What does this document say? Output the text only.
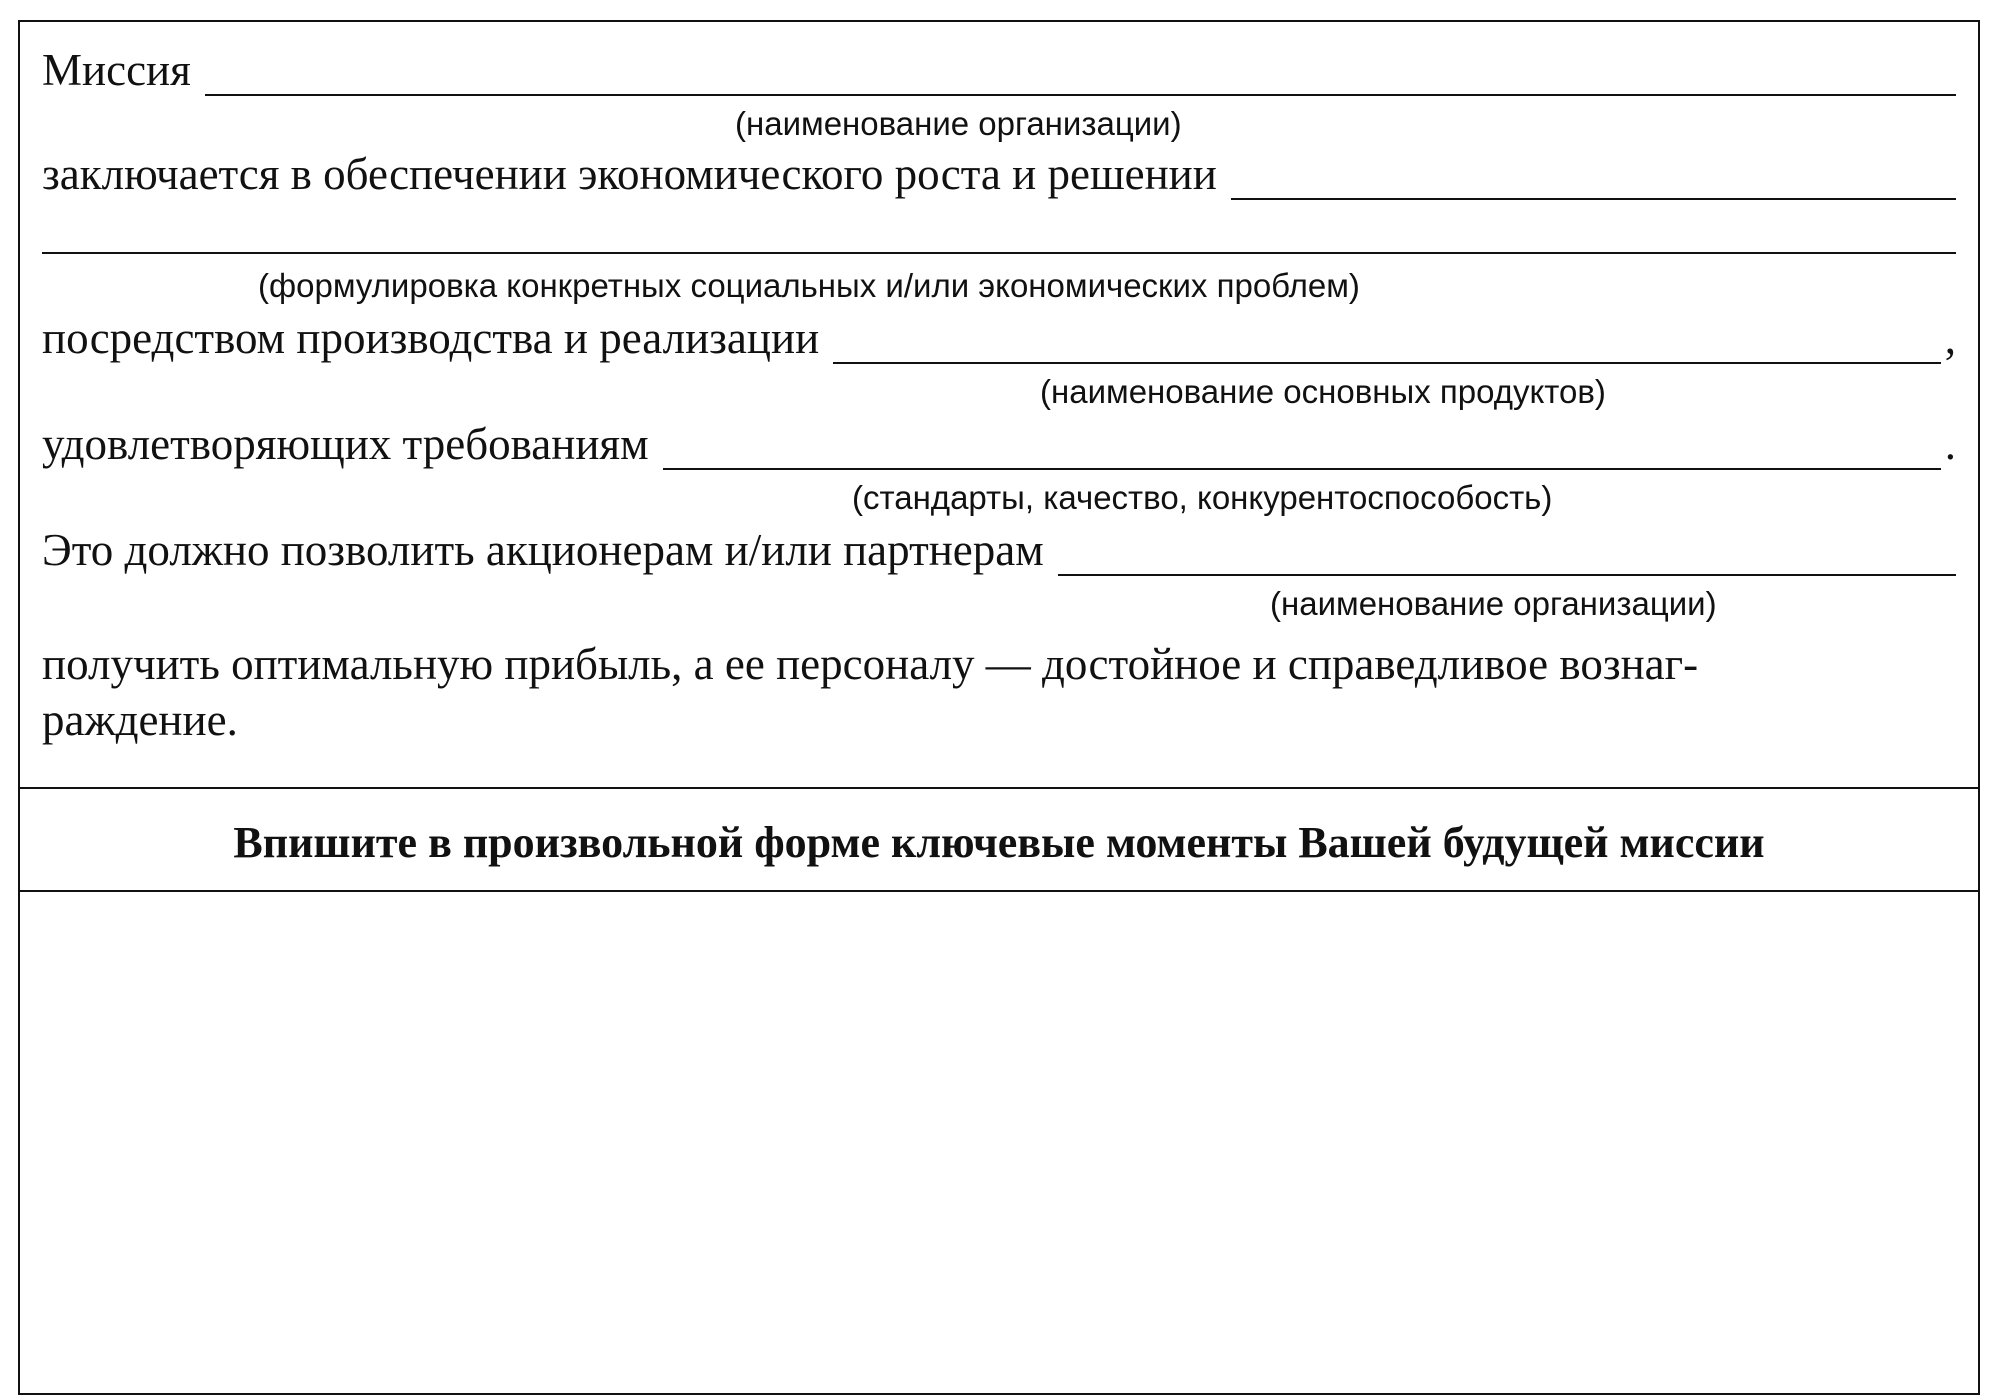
Миссия
(наименование организации)
заключается в обеспечении экономического роста и решении
(формулировка конкретных социальных и/или экономических проблем)
посредством производства и реализации	,
(наименование основных продуктов)
удовлетворяющих требованиям	.
(стандарты, качество, конкурентоспособость)
Это должно позволить акционерам и/или партнерам
(наименование организации)
получить оптимальную прибыль, а ее персоналу — достойное и справедливое вознаг-
раждение.
Впишите в произвольной форме ключевые моменты Вашей будущей миссии
